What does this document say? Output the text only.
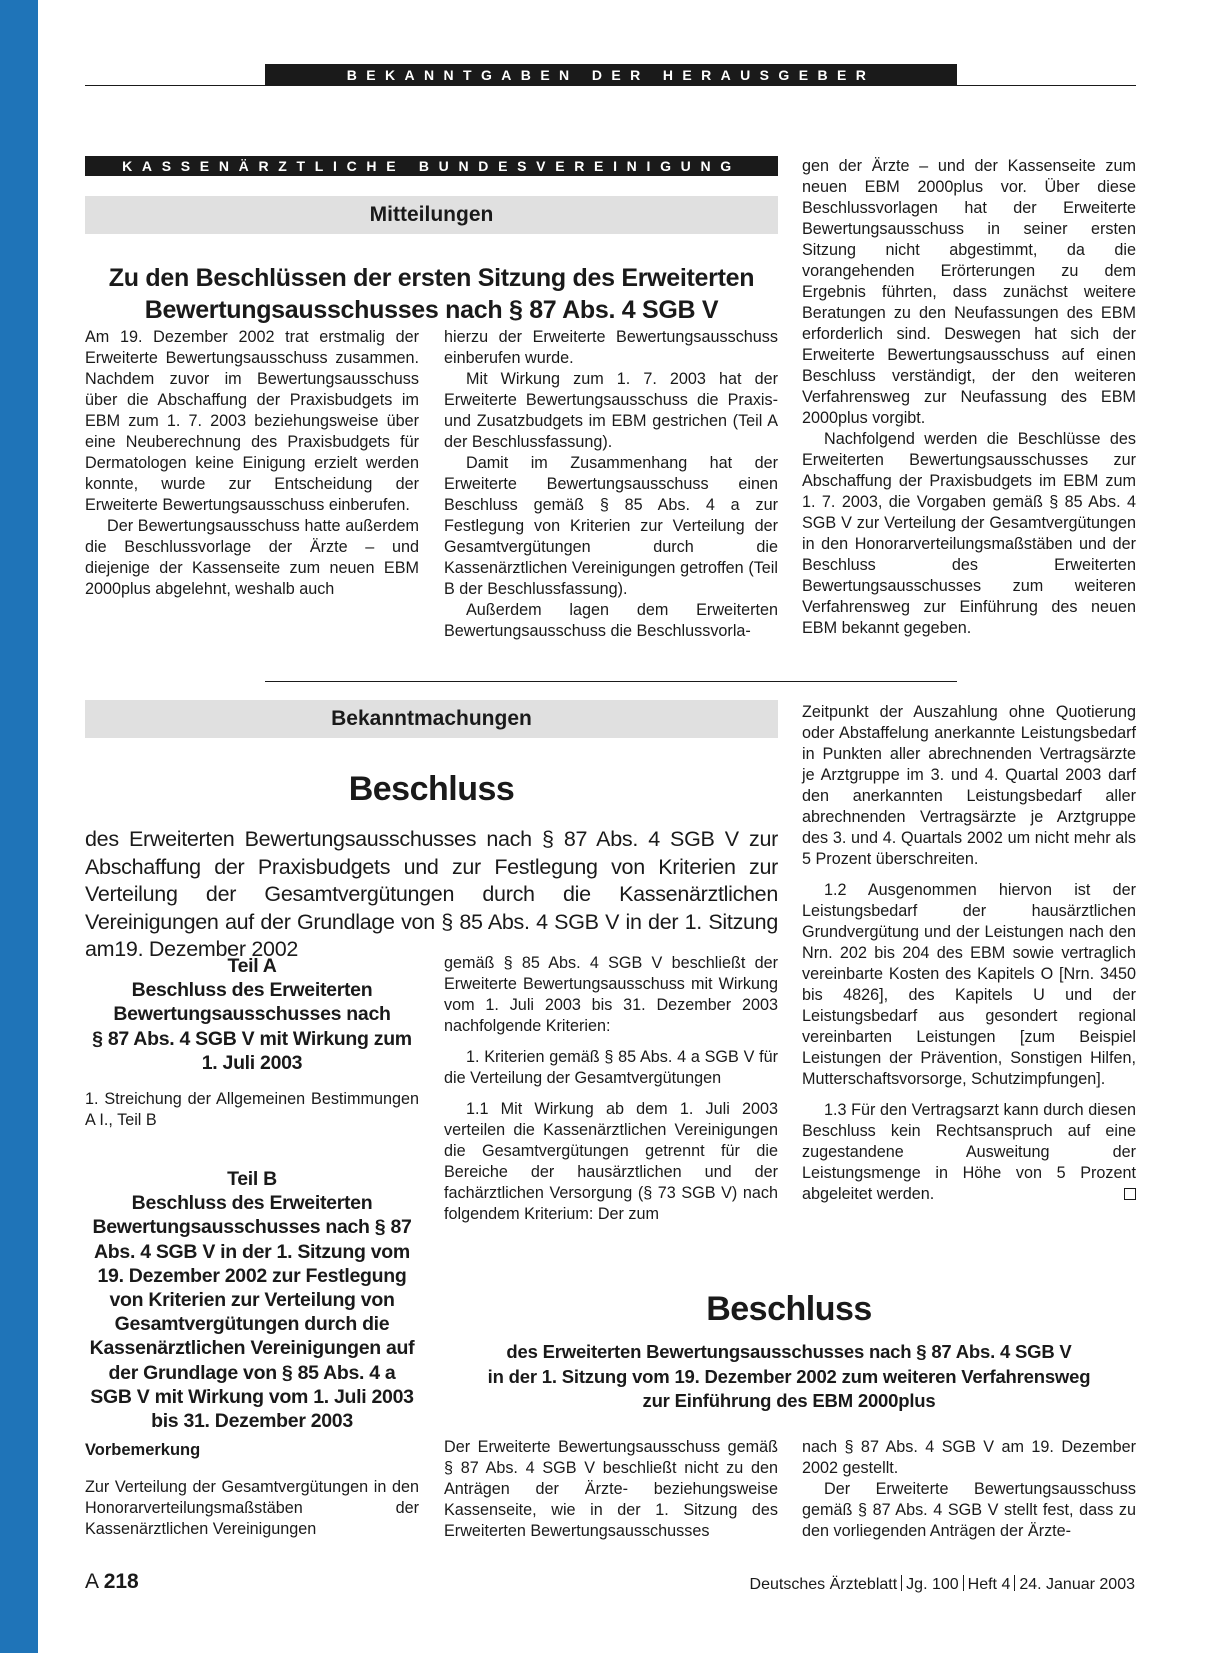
BEKANNTGABEN DER HERAUSGEBER
KASSENÄRZTLICHE BUNDESVEREINIGUNG
Mitteilungen
Zu den Beschlüssen der ersten Sitzung des Erweiterten
Bewertungsausschusses nach § 87 Abs. 4 SGB V

Am 19. Dezember 2002 trat erstmalig der Erweiterte Bewertungsausschuss zusammen. Nachdem zuvor im Bewertungsausschuss über die Abschaffung der Praxisbudgets im EBM zum 1. 7. 2003 beziehungsweise über eine Neuberechnung des Praxisbudgets für Dermatologen keine Einigung erzielt werden konnte, wurde zur Entscheidung der Erweiterte Bewertungsausschuss einberufen.

Der Bewertungsausschuss hatte außerdem die Beschlussvorlage der Ärzte – und diejenige der Kassenseite zum neuen EBM 2000plus abgelehnt, weshalb auch

hierzu der Erweiterte Bewertungsausschuss einberufen wurde.

Mit Wirkung zum 1. 7. 2003 hat der Erweiterte Bewertungsausschuss die Praxis- und Zusatzbudgets im EBM gestrichen (Teil A der Beschlussfassung).

Damit im Zusammenhang hat der Erweiterte Bewertungsausschuss einen Beschluss gemäß § 85 Abs. 4 a zur Festlegung von Kriterien zur Verteilung der Gesamtvergütungen durch die Kassenärztlichen Vereinigungen getroffen (Teil B der Beschlussfassung).

Außerdem lagen dem Erweiterten Bewertungsausschuss die Beschlussvorla-

gen der Ärzte – und der Kassenseite zum neuen EBM 2000plus vor. Über diese Beschlussvorlagen hat der Erweiterte Bewertungsausschuss in seiner ersten Sitzung nicht abgestimmt, da die vorangehenden Erörterungen zu dem Ergebnis führten, dass zunächst weitere Beratungen zu den Neufassungen des EBM erforderlich sind. Deswegen hat sich der Erweiterte Bewertungsausschuss auf einen Beschluss verständigt, der den weiteren Verfahrensweg zur Neufassung des EBM 2000plus vorgibt.

Nachfolgend werden die Beschlüsse des Erweiterten Bewertungsausschusses zur Abschaffung der Praxisbudgets im EBM zum 1. 7. 2003, die Vorgaben gemäß § 85 Abs. 4 SGB V zur Verteilung der Gesamtvergütungen in den Honorarverteilungsmaßstäben und der Beschluss des Erweiterten Bewertungsausschusses zum weiteren Verfahrensweg zur Einführung des neuen EBM bekannt gegeben.

Bekanntmachungen
Beschluss
des Erweiterten Bewertungsausschusses nach § 87 Abs. 4 SGB V zur Abschaffung der Praxisbudgets und zur Festlegung von Kriterien zur Verteilung der Gesamtvergütungen durch die Kassenärztlichen Vereinigungen auf der Grundlage von § 85 Abs. 4 SGB V in der 1. Sitzung am19. Dezember 2002
Teil A
Beschluss des Erweiterten
Bewertungsausschusses nach
§ 87 Abs. 4 SGB V mit Wirkung zum
1. Juli 2003

1. Streichung der Allgemeinen Bestimmungen A I., Teil B

Teil B
Beschluss des Erweiterten
Bewertungsausschusses nach § 87
Abs. 4 SGB V in der 1. Sitzung vom
19. Dezember 2002 zur Festlegung
von Kriterien zur Verteilung von
Gesamtvergütungen durch die
Kassenärztlichen Vereinigungen auf
der Grundlage von § 85 Abs. 4 a
SGB V mit Wirkung vom 1. Juli 2003
bis 31. Dezember 2003
Vorbemerkung

Zur Verteilung der Gesamtvergütungen in den Honorarverteilungsmaßstäben der Kassenärztlichen Vereinigungen

gemäß § 85 Abs. 4 SGB V beschließt der Erweiterte Bewertungsausschuss mit Wirkung vom 1. Juli 2003 bis 31. Dezember 2003 nachfolgende Kriterien:

1. Kriterien gemäß § 85 Abs. 4 a SGB V für die Verteilung der Gesamtvergütungen

1.1 Mit Wirkung ab dem 1. Juli 2003 verteilen die Kassenärztlichen Vereinigungen die Gesamtvergütungen getrennt für die Bereiche der hausärztlichen und der fachärztlichen Versorgung (§ 73 SGB V) nach folgendem Kriterium: Der zum

Zeitpunkt der Auszahlung ohne Quotierung oder Abstaffelung anerkannte Leistungsbedarf in Punkten aller abrechnenden Vertragsärzte je Arztgruppe im 3. und 4. Quartal 2003 darf den anerkannten Leistungsbedarf aller abrechnenden Vertragsärzte je Arztgruppe des 3. und 4. Quartals 2002 um nicht mehr als 5 Prozent überschreiten.

1.2 Ausgenommen hiervon ist der Leistungsbedarf der hausärztlichen Grundvergütung und der Leistungen nach den Nrn. 202 bis 204 des EBM sowie vertraglich vereinbarte Kosten des Kapitels O [Nrn. 3450 bis 4826], des Kapitels U und der Leistungsbedarf aus gesondert regional vereinbarten Leistungen [zum Beispiel Leistungen der Prävention, Sonstigen Hilfen, Mutterschaftsvorsorge, Schutzimpfungen].

1.3 Für den Vertragsarzt kann durch diesen Beschluss kein Rechtsanspruch auf eine zugestandene Ausweitung der Leistungsmenge in Höhe von 5 Prozent abgeleitet werden.

Beschluss
des Erweiterten Bewertungsausschusses nach § 87 Abs. 4 SGB V
in der 1. Sitzung vom 19. Dezember 2002 zum weiteren Verfahrensweg
zur Einführung des EBM 2000plus

Der Erweiterte Bewertungsausschuss gemäß § 87 Abs. 4 SGB V beschließt nicht zu den Anträgen der Ärzte- beziehungsweise Kassenseite, wie in der 1. Sitzung des Erweiterten Bewertungsausschusses

nach § 87 Abs. 4 SGB V am 19. Dezember 2002 gestellt.

Der Erweiterte Bewertungsausschuss gemäß § 87 Abs. 4 SGB V stellt fest, dass zu den vorliegenden Anträgen der Ärzte-

A 218	Deutsches Ärzteblatt Jg. 100 Heft 4 24. Januar 2003
